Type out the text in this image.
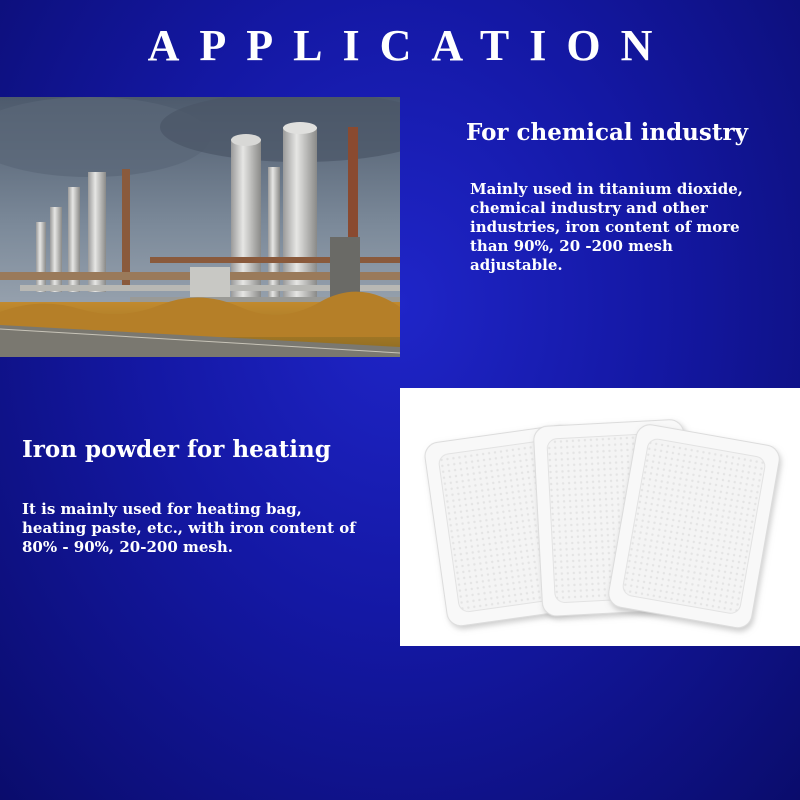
APPLICATION
For chemical industry
Mainly used in titanium dioxide, chemical industry and other industries, iron content of more than 90%, 20 -200 mesh adjustable.
Iron powder for heating
It is mainly used for heating bag, heating paste, etc., with iron content of 80% - 90%, 20-200 mesh.
